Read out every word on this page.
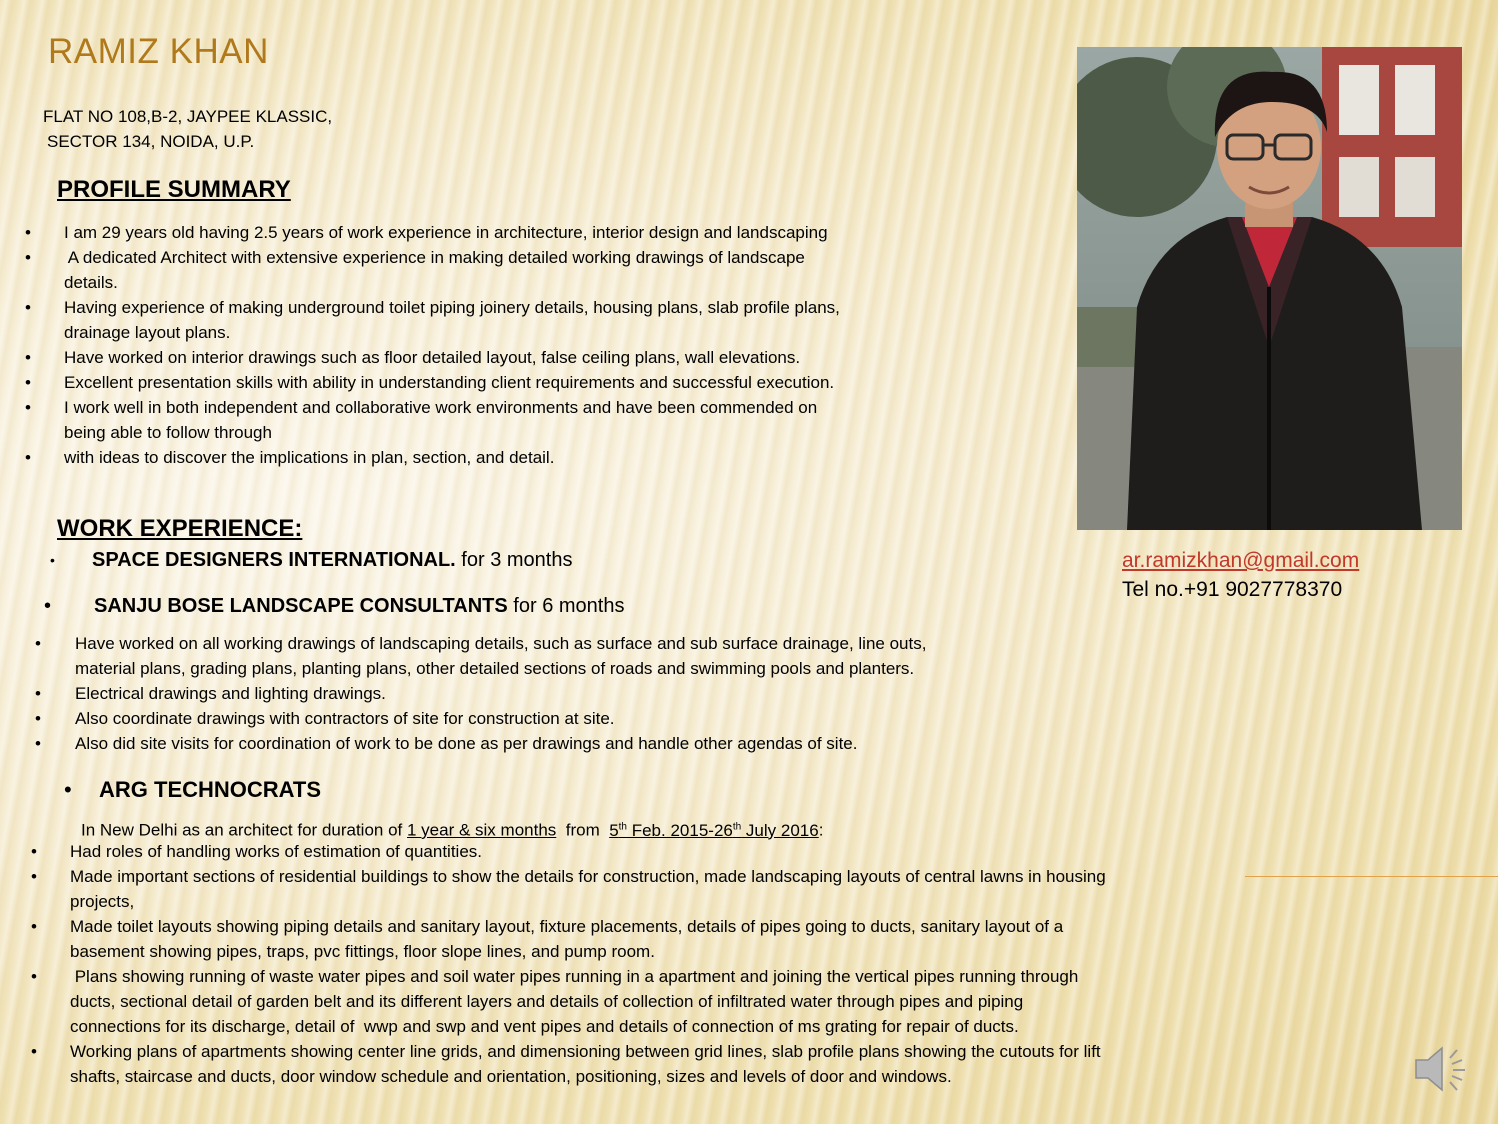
RAMIZ KHAN
FLAT NO 108,B-2, JAYPEE KLASSIC,
SECTOR 134, NOIDA, U.P.
PROFILE SUMMARY
• I am 29 years old having 2.5 years of work experience in architecture, interior design and landscaping
• A dedicated Architect with extensive experience in making detailed working drawings of landscape
details.
• Having experience of making underground toilet piping joinery details, housing plans, slab profile plans,
drainage layout plans.
• Have worked on interior drawings such as floor detailed layout, false ceiling plans, wall elevations.
• Excellent presentation skills with ability in understanding client requirements and successful execution.
• I work well in both independent and collaborative work environments and have been commended on
being able to follow through
• with ideas to discover the implications in plan, section, and detail.
WORK EXPERIENCE:
• SPACE DESIGNERS INTERNATIONAL. for 3 months
• SANJU BOSE LANDSCAPE CONSULTANTS for 6 months
• Have worked on all working drawings of landscaping details, such as surface and sub surface drainage, line outs,
material plans, grading plans, planting plans, other detailed sections of roads and swimming pools and planters.
• Electrical drawings and lighting drawings.
• Also coordinate drawings with contractors of site for construction at site.
• Also did site visits for coordination of work to be done as per drawings and handle other agendas of site.
• ARG TECHNOCRATS
In New Delhi as an architect for duration of 1 year & six months  from  5th Feb. 2015-26th July 2016:
• Had roles of handling works of estimation of quantities.
• Made important sections of residential buildings to show the details for construction, made landscaping layouts of central lawns in housing
projects,
• Made toilet layouts showing piping details and sanitary layout, fixture placements, details of pipes going to ducts, sanitary layout of a
basement showing pipes, traps, pvc fittings, floor slope lines, and pump room.
• Plans showing running of waste water pipes and soil water pipes running in a apartment and joining the vertical pipes running through
ducts, sectional detail of garden belt and its different layers and details of collection of infiltrated water through pipes and piping
connections for its discharge, detail of  wwp and swp and vent pipes and details of connection of ms grating for repair of ducts.
• Working plans of apartments showing center line grids, and dimensioning between grid lines, slab profile plans showing the cutouts for lift
shafts, staircase and ducts, door window schedule and orientation, positioning, sizes and levels of door and windows.
ar.ramizkhan@gmail.com
Tel no.+91 9027778370
